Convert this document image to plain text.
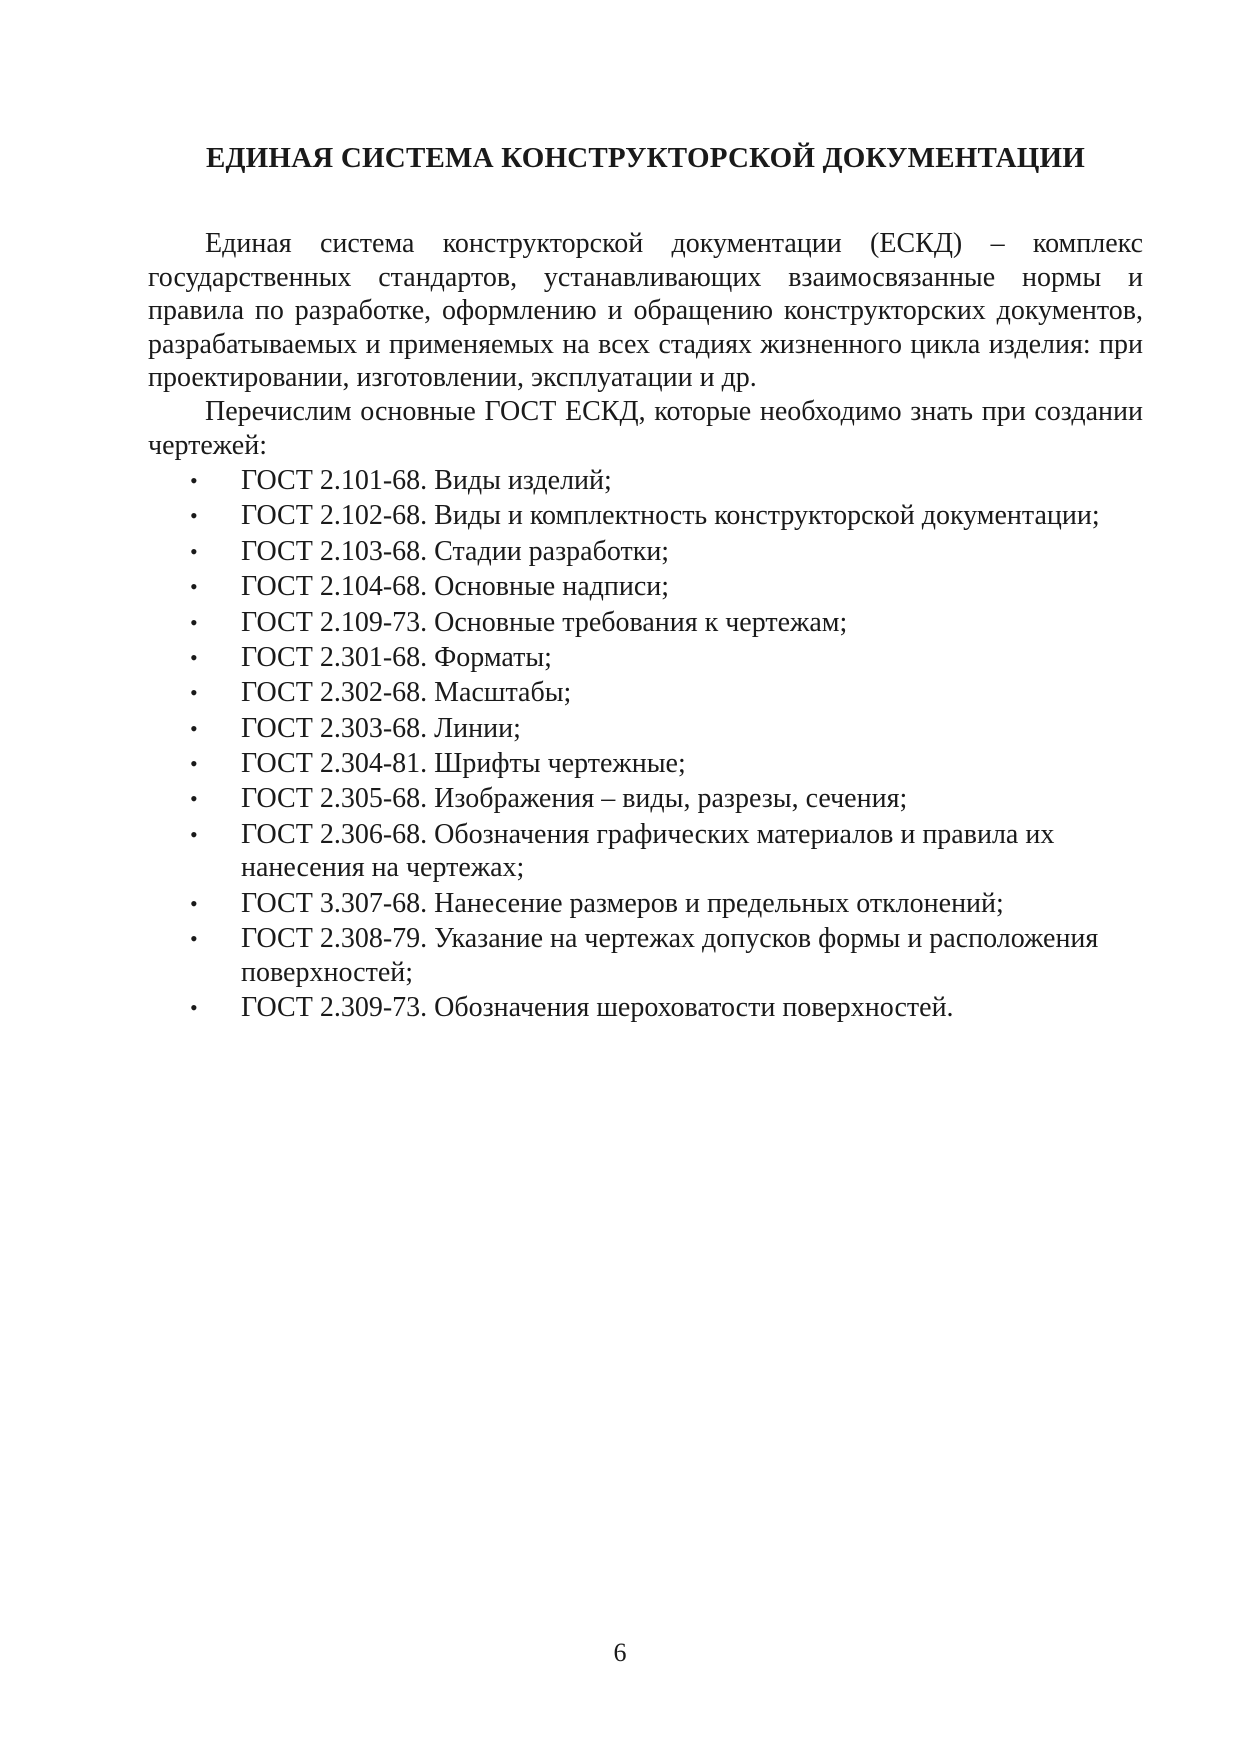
ЕДИНАЯ СИСТЕМА КОНСТРУКТОРСКОЙ ДОКУМЕНТАЦИИ

Единая система конструкторской документации (ЕСКД) – комплекс государственных стандартов, устанавливающих взаимосвязанные нормы и правила по разработке, оформлению и обращению конструкторских документов, разрабатываемых и применяемых на всех стадиях жизненного цикла изделия: при проектировании, изготовлении, эксплуатации и др.

Перечислим основные ГОСТ ЕСКД, которые необходимо знать при создании чертежей:

• ГОСТ 2.101-68. Виды изделий;
• ГОСТ 2.102-68. Виды и комплектность конструкторской документации;
• ГОСТ 2.103-68. Стадии разработки;
• ГОСТ 2.104-68. Основные надписи;
• ГОСТ 2.109-73. Основные требования к чертежам;
• ГОСТ 2.301-68. Форматы;
• ГОСТ 2.302-68. Масштабы;
• ГОСТ 2.303-68. Линии;
• ГОСТ 2.304-81. Шрифты чертежные;
• ГОСТ 2.305-68. Изображения – виды, разрезы, сечения;
• ГОСТ 2.306-68. Обозначения графических материалов и правила их нанесения на чертежах;
• ГОСТ 3.307-68. Нанесение размеров и предельных отклонений;
• ГОСТ 2.308-79. Указание на чертежах допусков формы и расположения поверхностей;
• ГОСТ 2.309-73. Обозначения шероховатости поверхностей.
6
